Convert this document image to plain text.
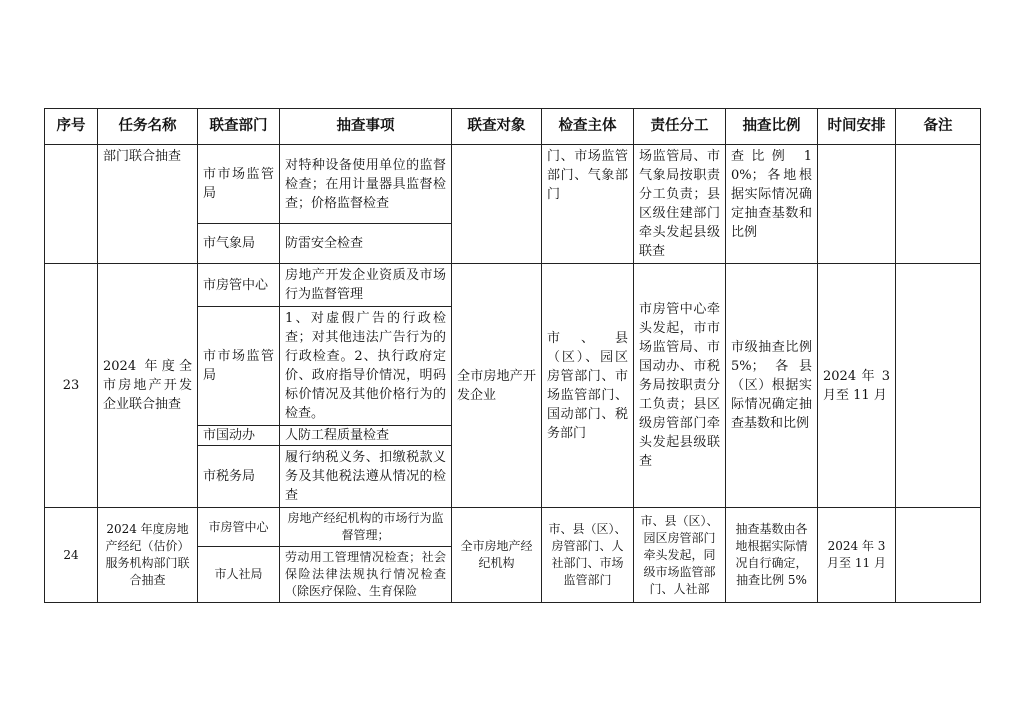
序号	任务名称	联查部门	抽查事项	联查对象	检查主体	责任分工	抽查比例	时间安排	备注
	部门联合抽查	市市场监管局	对特种设备使用单位的监督检查；在用计量器具监督检查；价格监督检查		门、市场监管部门、气象部门	场监管局、市气象局按职责分工负责；县区级住建部门牵头发起县级联查	查比例 10%；各地根据实际情况确定抽查基数和比例		
		市气象局	防雷安全检查						
23	2024 年度全市房地产开发企业联合抽查	市房管中心	房地产开发企业资质及市场行为监督管理	全市房地产开发企业	市、县（区）、园区房管部门、市场监管部门、国动部门、税务部门	市房管中心牵头发起，市市场监管局、市国动办、市税务局按职责分工负责；县区级房管部门牵头发起县级联查	市级抽查比例 5%；各县（区）根据实际情况确定抽查基数和比例	2024 年 3 月至 11 月	
		市市场监管局	1、对虚假广告的行政检查；对其他违法广告行为的行政检查。2、执行政府定价、政府指导价情况，明码标价情况及其他价格行为的检查。						
		市国动办	人防工程质量检查						
		市税务局	履行纳税义务、扣缴税款义务及其他税法遵从情况的检查						
24	2024 年度房地产经纪（估价）服务机构部门联合抽查	市房管中心	房地产经纪机构的市场行为监督管理；	全市房地产经纪机构	市、县（区）、房管部门、人社部门、市场监管部门	市、县（区）、园区房管部门牵头发起，同级市场监管部门、人社部	抽查基数由各地根据实际情况自行确定，抽查比例 5%	2024 年 3 月至 11 月	
		市人社局	劳动用工管理情况检查；社会保险法律法规执行情况检查（除医疗保险、生育保险						
